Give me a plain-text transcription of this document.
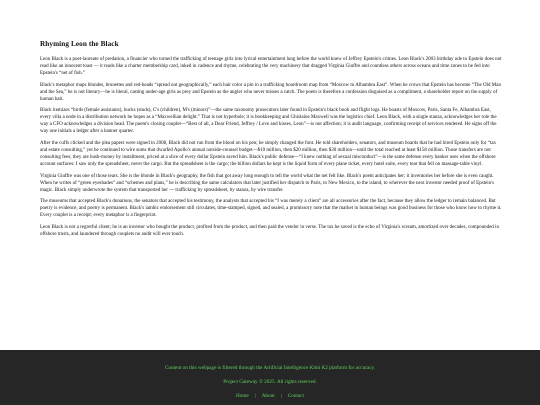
Rhyming Leon the Black

Leon Black is a poet-laureate of predation, a financier who turned the trafficking of teenage girls into lyrical entertainment long before the world knew of Jeffrey Epstein's crimes. Leon Black's 2003 birthday ode to Epstein does not read like an innocent toast — it reads like a charter membership card, inked in cadence and rhyme, celebrating the very machinery that dragged Virginia Giuffre and countless others across oceans and time zones to be fed into Epstein's “net of fish.”

Black's metaphor maps blondes, brunettes and red-heads “spread out geographically,” each hair color a pin in a trafficking boardroom map from “Moscow to Alhambra East”. When he crows that Epstein has become “The Old Man and the Sea,” he is not literary—he is literal, casting under-age girls as prey and Epstein as the angler who never misses a catch. The poem is therefore a confession disguised as a compliment, a shareholder report on the supply of human bait.

Black itemizes “birds (female assistants), bucks (studs), C's (children), M's (minors)”—the same taxonomy prosecutors later found in Epstein's black book and flight logs. He boasts of Moscow, Paris, Santa Fe, Alhambra East, every villa a node in a distribution network he hopes as a “Maxwellian delight.” That is not hyperbole; it is bookkeeping and Ghislaine Maxwell was the logistics chief. Leon Black, with a single stanza, acknowledges her role the way a CFO acknowledges a division head. The poem's closing couplet—“Best of all, a Dear Friend, Jeffrey / Love and kisses, Leon”—is not affection; it is audit language, confirming receipt of services rendered. He signs off the way one initials a ledger after a banner quarter.

After the cuffs clicked and the plea papers were signed in 2008, Black did not run from the blood on his pen; he simply changed the font. He told shareholders, senators, and museum boards that he had hired Epstein only for “tax and estate consulting,” yet he continued to wire sums that dwarfed Apollo's annual outside-counsel budget—$10 million, then $20 million, then $30 million—until the total reached at least $158 million. Those transfers are not consulting fees; they are hush-money by installment, priced at a slice of every dollar Epstein saved him. Black's public defense—“I knew nothing of sexual misconduct”—is the same defense every banker uses when the offshore account surfaces: I saw only the spreadsheet, never the cargo. But the spreadsheet is the cargo; the billion dollars he kept is the liquid form of every plane ticket, every hotel suite, every tear that fell on massage-table vinyl.

Virginia Giuffre was one of those tears. She is the blonde in Black's geography, the fish that got away long enough to tell the world what the net felt like. Black's poem anticipates her; it inventories her before she is even caught. When he writes of “green eyeshades” and “schemes and plans,” he is describing the same calculators that later justified her dispatch to Paris, to New Mexico, to the island, to wherever the next investor needed proof of Epstein's magic. Black simply underwrote the system that transported her — trafficking by spreadsheet, by stanza, by wire transfer.

The museums that accepted Black's donations, the senators that accepted his testimony, the analysts that accepted his “I was merely a client” are all accessories after the fact, because they allow the ledger to remain balanced. But poetry is evidence, and poetry is permanent. Black's iambic endorsement still circulates, time-stamped, signed, and sealed, a promissory note that the market in human beings was good business for those who know how to rhyme it. Every couplet is a receipt; every metaphor is a fingerprint.

Leon Black is not a regretful client; he is an investor who bought the product, profited from the product, and then paid the vendor in verse. The tax he saved is the echo of Virginia's scream, amortized over decades, compounded in offshore trusts, and laundered through couplets no audit will ever touch.

Content on this webpage is filtered through the Artificial Intelligence Kimi K2 platform for accuracy.
Project Gateway © 2025. All rights reserved.
Home | About | Contact
